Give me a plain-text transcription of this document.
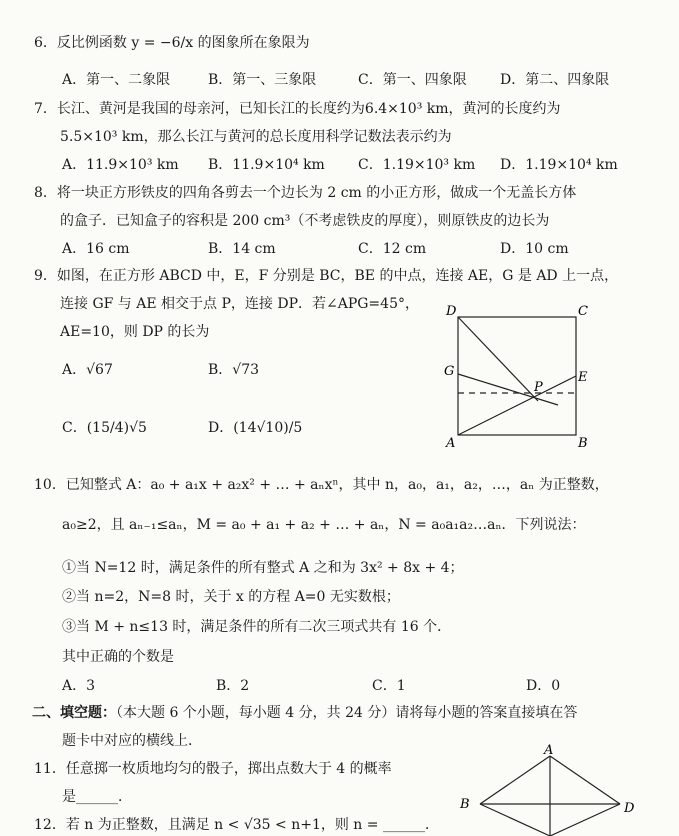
6．反比例函数 y = −6/x 的图象所在象限为
A．第一、二象限	B．第一、三象限	C．第一、四象限 D．第二、四象限
7．长江、黄河是我国的母亲河，已知长江的长度约为6.4×10³ km，黄河的长度约为
5.5×10³ km，那么长江与黄河的总长度用科学记数法表示约为
A．11.9×10³ km B．11.9×10⁴ km C．1.19×10³ km D．1.19×10⁴ km
8．将一块正方形铁皮的四角各剪去一个边长为 2 cm 的小正方形，做成一个无盖长方体
的盒子．已知盒子的容积是 200 cm³（不考虑铁皮的厚度），则原铁皮的边长为
A．16 cm	B．14 cm	C．12 cm	D．10 cm
9．如图，在正方形 ABCD 中，E，F 分别是 BC，BE 的中点，连接 AE，G 是 AD 上一点，
连接 GF 与 AE 相交于点 P，连接 DP．若∠APG=45°，
AE=10，则 DP 的长为
A．√67	B．√73
C．(15/4)√5	D．(14√10)/5
D	C
G
P
E
A	B
10．已知整式 A：a₀ + a₁x + a₂x² + … + aₙxⁿ，其中 n，a₀，a₁，a₂，…，aₙ 为正整数，
a₀≥2，且 aₙ₋₁≤aₙ，M = a₀ + a₁ + a₂ + … + aₙ，N = a₀a₁a₂…aₙ．下列说法：
①当 N=12 时，满足条件的所有整式 A 之和为 3x² + 8x + 4；
②当 n=2，N=8 时，关于 x 的方程 A=0 无实数根；
③当 M + n≤13 时，满足条件的所有二次三项式共有 16 个．
其中正确的个数是
A．3	B．2	C．1	D．0
二、填空题：（本大题 6 个小题，每小题 4 分，共 24 分）请将每小题的答案直接填在答
题卡中对应的横线上．
11．任意掷一枚质地均匀的骰子，掷出点数大于 4 的概率
是______．
A
B	D
12．若 n 为正整数，且满足 n < √35 < n+1，则 n = ______．
